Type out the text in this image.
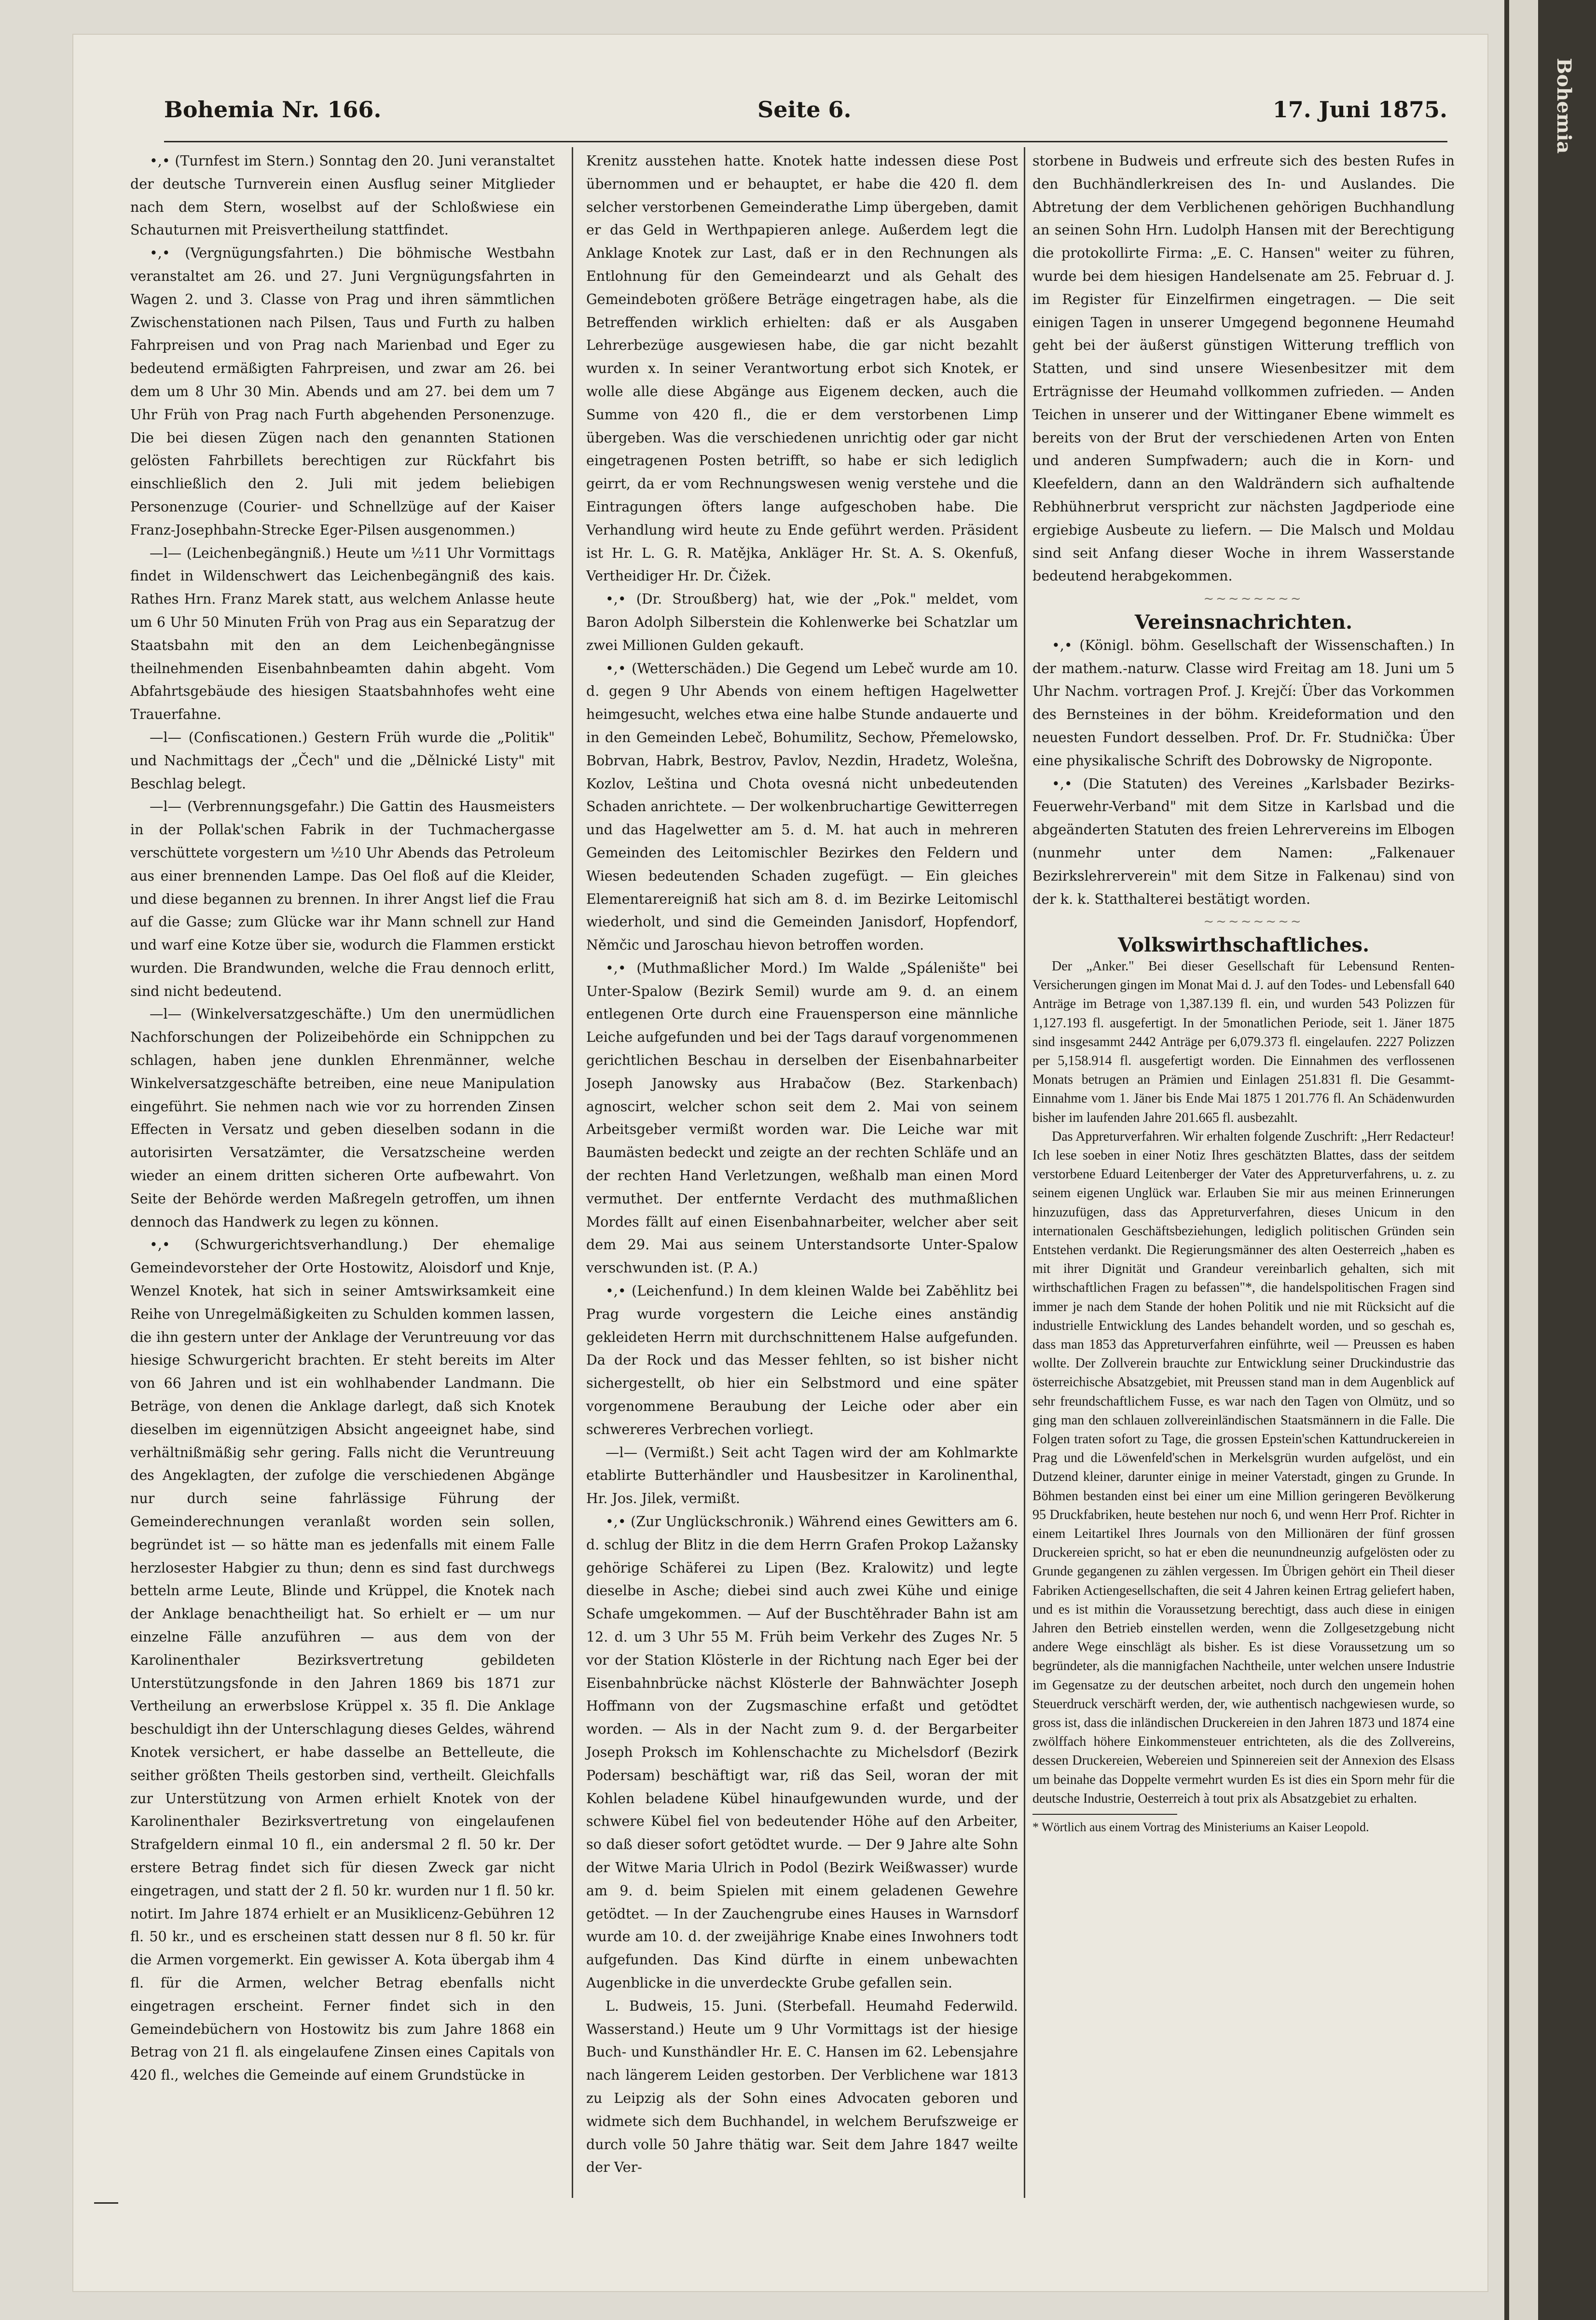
Bohemia
Bohemia Nr. 166.	Seite 6.	17. Juni 1875.

•,• (Turnfest im Stern.) Sonntag den 20. Juni veranstaltet der deutsche Turnverein einen Ausflug seiner Mitglieder nach dem Stern, woselbst auf der Schloßwiese ein Schauturnen mit Preisvertheilung stattfindet.

•,• (Vergnügungsfahrten.) Die böhmische Westbahn veranstaltet am 26. und 27. Juni Vergnügungsfahrten in Wagen 2. und 3. Classe von Prag und ihren sämmtlichen Zwischenstationen nach Pilsen, Taus und Furth zu halben Fahrpreisen und von Prag nach Marienbad und Eger zu bedeutend ermäßigten Fahrpreisen, und zwar am 26. bei dem um 8 Uhr 30 Min. Abends und am 27. bei dem um 7 Uhr Früh von Prag nach Furth abgehenden Personenzuge. Die bei diesen Zügen nach den genannten Stationen gelösten Fahrbillets berechtigen zur Rückfahrt bis einschließlich den 2. Juli mit jedem beliebigen Personenzuge (Courier- und Schnellzüge auf der Kaiser Franz-Josephbahn-Strecke Eger-Pilsen ausgenommen.)

—l— (Leichenbegängniß.) Heute um ½11 Uhr Vormittags findet in Wildenschwert das Leichenbegängniß des kais. Rathes Hrn. Franz Marek statt, aus welchem Anlasse heute um 6 Uhr 50 Minuten Früh von Prag aus ein Separatzug der Staatsbahn mit den an dem Leichenbegängnisse theilnehmenden Eisenbahnbeamten dahin abgeht. Vom Abfahrtsgebäude des hiesigen Staatsbahnhofes weht eine Trauerfahne.

—l— (Confiscationen.) Gestern Früh wurde die „Politik" und Nachmittags der „Čech" und die „Dělnické Listy" mit Beschlag belegt.

—l— (Verbrennungsgefahr.) Die Gattin des Hausmeisters in der Pollak'schen Fabrik in der Tuchmachergasse verschüttete vorgestern um ½10 Uhr Abends das Petroleum aus einer brennenden Lampe. Das Oel floß auf die Kleider, und diese begannen zu brennen. In ihrer Angst lief die Frau auf die Gasse; zum Glücke war ihr Mann schnell zur Hand und warf eine Kotze über sie, wodurch die Flammen erstickt wurden. Die Brandwunden, welche die Frau dennoch erlitt, sind nicht bedeutend.

—l— (Winkelversatzgeschäfte.) Um den unermüdlichen Nachforschungen der Polizeibehörde ein Schnippchen zu schlagen, haben jene dunklen Ehrenmänner, welche Winkelversatzgeschäfte betreiben, eine neue Manipulation eingeführt. Sie nehmen nach wie vor zu horrenden Zinsen Effecten in Versatz und geben dieselben sodann in die autorisirten Versatzämter, die Versatzscheine werden wieder an einem dritten sicheren Orte aufbewahrt. Von Seite der Behörde werden Maßregeln getroffen, um ihnen dennoch das Handwerk zu legen zu können.

•,• (Schwurgerichtsverhandlung.) Der ehemalige Gemeindevorsteher der Orte Hostowitz, Aloisdorf und Knje, Wenzel Knotek, hat sich in seiner Amtswirksamkeit eine Reihe von Unregelmäßigkeiten zu Schulden kommen lassen, die ihn gestern unter der Anklage der Veruntreuung vor das hiesige Schwurgericht brachten. Er steht bereits im Alter von 66 Jahren und ist ein wohlhabender Landmann. Die Beträge, von denen die Anklage darlegt, daß sich Knotek dieselben im eigennützigen Absicht angeeignet habe, sind verhältnißmäßig sehr gering. Falls nicht die Veruntreuung des Angeklagten, der zufolge die verschiedenen Abgänge nur durch seine fahrlässige Führung der Gemeinderechnungen veranlaßt worden sein sollen, begründet ist — so hätte man es jedenfalls mit einem Falle herzlosester Habgier zu thun; denn es sind fast durchwegs betteln arme Leute, Blinde und Krüppel, die Knotek nach der Anklage benachtheiligt hat. So erhielt er — um nur einzelne Fälle anzuführen — aus dem von der Karolinenthaler Bezirksvertretung gebildeten Unterstützungsfonde in den Jahren 1869 bis 1871 zur Vertheilung an erwerbslose Krüppel x. 35 fl. Die Anklage beschuldigt ihn der Unterschlagung dieses Geldes, während Knotek versichert, er habe dasselbe an Bettelleute, die seither größten Theils gestorben sind, vertheilt. Gleichfalls zur Unterstützung von Armen erhielt Knotek von der Karolinenthaler Bezirksvertretung von eingelaufenen Strafgeldern einmal 10 fl., ein andersmal 2 fl. 50 kr. Der erstere Betrag findet sich für diesen Zweck gar nicht eingetragen, und statt der 2 fl. 50 kr. wurden nur 1 fl. 50 kr. notirt. Im Jahre 1874 erhielt er an Musiklicenz-Gebühren 12 fl. 50 kr., und es erscheinen statt dessen nur 8 fl. 50 kr. für die Armen vorgemerkt. Ein gewisser A. Kota übergab ihm 4 fl. für die Armen, welcher Betrag ebenfalls nicht eingetragen erscheint. Ferner findet sich in den Gemeindebüchern von Hostowitz bis zum Jahre 1868 ein Betrag von 21 fl. als eingelaufene Zinsen eines Capitals von 420 fl., welches die Gemeinde auf einem Grundstücke in

Krenitz ausstehen hatte. Knotek hatte indessen diese Post übernommen und er behauptet, er habe die 420 fl. dem selcher verstorbenen Gemeinderathe Limp übergeben, damit er das Geld in Werthpapieren anlege. Außerdem legt die Anklage Knotek zur Last, daß er in den Rechnungen als Entlohnung für den Gemeindearzt und als Gehalt des Gemeindeboten größere Beträge eingetragen habe, als die Betreffenden wirklich erhielten: daß er als Ausgaben Lehrerbezüge ausgewiesen habe, die gar nicht bezahlt wurden x. In seiner Verantwortung erbot sich Knotek, er wolle alle diese Abgänge aus Eigenem decken, auch die Summe von 420 fl., die er dem verstorbenen Limp übergeben. Was die verschiedenen unrichtig oder gar nicht eingetragenen Posten betrifft, so habe er sich lediglich geirrt, da er vom Rechnungswesen wenig verstehe und die Eintragungen öfters lange aufgeschoben habe. Die Verhandlung wird heute zu Ende geführt werden. Präsident ist Hr. L. G. R. Matějka, Ankläger Hr. St. A. S. Okenfuß, Vertheidiger Hr. Dr. Čižek.

•,• (Dr. Stroußberg) hat, wie der „Pok." meldet, vom Baron Adolph Silberstein die Kohlenwerke bei Schatzlar um zwei Millionen Gulden gekauft.

•,• (Wetterschäden.) Die Gegend um Lebeč wurde am 10. d. gegen 9 Uhr Abends von einem heftigen Hagelwetter heimgesucht, welches etwa eine halbe Stunde andauerte und in den Gemeinden Lebeč, Bohumilitz, Sechow, Přemelowsko, Bobrvan, Habrk, Bestrov, Pavlov, Nezdin, Hradetz, Wolešna, Kozlov, Leština und Chota ovesná nicht unbedeutenden Schaden anrichtete. — Der wolkenbruchartige Gewitterregen und das Hagelwetter am 5. d. M. hat auch in mehreren Gemeinden des Leitomischler Bezirkes den Feldern und Wiesen bedeutenden Schaden zugefügt. — Ein gleiches Elementarereigniß hat sich am 8. d. im Bezirke Leitomischl wiederholt, und sind die Gemeinden Janisdorf, Hopfendorf, Němčic und Jaroschau hievon betroffen worden.

•,• (Muthmaßlicher Mord.) Im Walde „Spálenište" bei Unter-Spalow (Bezirk Semil) wurde am 9. d. an einem entlegenen Orte durch eine Frauensperson eine männliche Leiche aufgefunden und bei der Tags darauf vorgenommenen gerichtlichen Beschau in derselben der Eisenbahnarbeiter Joseph Janowsky aus Hrabačow (Bez. Starkenbach) agnoscirt, welcher schon seit dem 2. Mai von seinem Arbeitsgeber vermißt worden war. Die Leiche war mit Baumästen bedeckt und zeigte an der rechten Schläfe und an der rechten Hand Verletzungen, weßhalb man einen Mord vermuthet. Der entfernte Verdacht des muthmaßlichen Mordes fällt auf einen Eisenbahnarbeiter, welcher aber seit dem 29. Mai aus seinem Unterstandsorte Unter-Spalow verschwunden ist. (P. A.)

•,• (Leichenfund.) In dem kleinen Walde bei Zabĕhlitz bei Prag wurde vorgestern die Leiche eines anständig gekleideten Herrn mit durchschnittenem Halse aufgefunden. Da der Rock und das Messer fehlten, so ist bisher nicht sichergestellt, ob hier ein Selbstmord und eine später vorgenommene Beraubung der Leiche oder aber ein schwereres Verbrechen vorliegt.

—l— (Vermißt.) Seit acht Tagen wird der am Kohlmarkte etablirte Butterhändler und Hausbesitzer in Karolinenthal, Hr. Jos. Jilek, vermißt.

•,• (Zur Unglückschronik.) Während eines Gewitters am 6. d. schlug der Blitz in die dem Herrn Grafen Prokop Lažansky gehörige Schäferei zu Lipen (Bez. Kralowitz) und legte dieselbe in Asche; diebei sind auch zwei Kühe und einige Schafe umgekommen. — Auf der Buschtěhrader Bahn ist am 12. d. um 3 Uhr 55 M. Früh beim Verkehr des Zuges Nr. 5 vor der Station Klösterle in der Richtung nach Eger bei der Eisenbahnbrücke nächst Klösterle der Bahnwächter Joseph Hoffmann von der Zugsmaschine erfaßt und getödtet worden. — Als in der Nacht zum 9. d. der Bergarbeiter Joseph Proksch im Kohlenschachte zu Michelsdorf (Bezirk Podersam) beschäftigt war, riß das Seil, woran der mit Kohlen beladene Kübel hinaufgewunden wurde, und der schwere Kübel fiel von bedeutender Höhe auf den Arbeiter, so daß dieser sofort getödtet wurde. — Der 9 Jahre alte Sohn der Witwe Maria Ulrich in Podol (Bezirk Weißwasser) wurde am 9. d. beim Spielen mit einem geladenen Gewehre getödtet. — In der Zauchengrube eines Hauses in Warnsdorf wurde am 10. d. der zweijährige Knabe eines Inwohners todt aufgefunden. Das Kind dürfte in einem unbewachten Augenblicke in die unverdeckte Grube gefallen sein.

L. Budweis, 15. Juni. (Sterbefall. Heumahd Federwild. Wasserstand.) Heute um 9 Uhr Vormittags ist der hiesige Buch- und Kunsthändler Hr. E. C. Hansen im 62. Lebensjahre nach längerem Leiden gestorben. Der Verblichene war 1813 zu Leipzig als der Sohn eines Advocaten geboren und widmete sich dem Buchhandel, in welchem Berufszweige er durch volle 50 Jahre thätig war. Seit dem Jahre 1847 weilte der Ver-

storbene in Budweis und erfreute sich des besten Rufes in den Buchhändlerkreisen des In- und Auslandes. Die Abtretung der dem Verblichenen gehörigen Buchhandlung an seinen Sohn Hrn. Ludolph Hansen mit der Berechtigung die protokollirte Firma: „E. C. Hansen" weiter zu führen, wurde bei dem hiesigen Handelsenate am 25. Februar d. J. im Register für Einzelfirmen eingetragen. — Die seit einigen Tagen in unserer Umgegend begonnene Heumahd geht bei der äußerst günstigen Witterung trefflich von Statten, und sind unsere Wiesenbesitzer mit dem Erträgnisse der Heumahd vollkommen zufrieden. — Anden Teichen in unserer und der Wittinganer Ebene wimmelt es bereits von der Brut der verschiedenen Arten von Enten und anderen Sumpfwadern; auch die in Korn- und Kleefeldern, dann an den Waldrändern sich aufhaltende Rebhühnerbrut verspricht zur nächsten Jagdperiode eine ergiebige Ausbeute zu liefern. — Die Malsch und Moldau sind seit Anfang dieser Woche in ihrem Wasserstande bedeutend herabgekommen.

~~~~~~~~

Vereinsnachrichten.

•,• (Königl. böhm. Gesellschaft der Wissenschaften.) In der mathem.-naturw. Classe wird Freitag am 18. Juni um 5 Uhr Nachm. vortragen Prof. J. Krejčí: Über das Vorkommen des Bernsteines in der böhm. Kreideformation und den neuesten Fundort desselben. Prof. Dr. Fr. Studnička: Über eine physikalische Schrift des Dobrowsky de Nigroponte.

•,• (Die Statuten) des Vereines „Karlsbader Bezirks-Feuerwehr-Verband" mit dem Sitze in Karlsbad und die abgeänderten Statuten des freien Lehrervereins im Elbogen (nunmehr unter dem Namen: „Falkenauer Bezirkslehrerverein" mit dem Sitze in Falkenau) sind von der k. k. Statthalterei bestätigt worden.

~~~~~~~~

Volkswirthschaftliches.

Der „Anker." Bei dieser Gesellschaft für Lebensund Renten-Versicherungen gingen im Monat Mai d. J. auf den Todes- und Lebensfall 640 Anträge im Betrage von 1,387.139 fl. ein, und wurden 543 Polizzen für 1,127.193 fl. ausgefertigt. In der 5monatlichen Periode, seit 1. Jäner 1875 sind insgesammt 2442 Anträge per 6,079.373 fl. eingelaufen. 2227 Polizzen per 5,158.914 fl. ausgefertigt worden. Die Einnahmen des verflossenen Monats betrugen an Prämien und Einlagen 251.831 fl. Die Gesammt-Einnahme vom 1. Jäner bis Ende Mai 1875 1 201.776 fl. An Schädenwurden bisher im laufenden Jahre 201.665 fl. ausbezahlt.

Das Appreturverfahren. Wir erhalten folgende Zuschrift: „Herr Redacteur! Ich lese soeben in einer Notiz Ihres geschätzten Blattes, dass der seitdem verstorbene Eduard Leitenberger der Vater des Appreturverfahrens, u. z. zu seinem eigenen Unglück war. Erlauben Sie mir aus meinen Erinnerungen hinzuzufügen, dass das Appreturverfahren, dieses Unicum in den internationalen Geschäftsbeziehungen, lediglich politischen Gründen sein Entstehen verdankt. Die Regierungsmänner des alten Oesterreich „haben es mit ihrer Dignität und Grandeur vereinbarlich gehalten, sich mit wirthschaftlichen Fragen zu befassen"*, die handelspolitischen Fragen sind immer je nach dem Stande der hohen Politik und nie mit Rücksicht auf die industrielle Entwicklung des Landes behandelt worden, und so geschah es, dass man 1853 das Appreturverfahren einführte, weil — Preussen es haben wollte. Der Zollverein brauchte zur Entwicklung seiner Druckindustrie das österreichische Absatzgebiet, mit Preussen stand man in dem Augenblick auf sehr freundschaftlichem Fusse, es war nach den Tagen von Olmütz, und so ging man den schlauen zollvereinländischen Staatsmännern in die Falle. Die Folgen traten sofort zu Tage, die grossen Epstein'schen Kattundruckereien in Prag und die Löwenfeld'schen in Merkelsgrün wurden aufgelöst, und ein Dutzend kleiner, darunter einige in meiner Vaterstadt, gingen zu Grunde. In Böhmen bestanden einst bei einer um eine Million geringeren Bevölkerung 95 Druckfabriken, heute bestehen nur noch 6, und wenn Herr Prof. Richter in einem Leitartikel Ihres Journals von den Millionären der fünf grossen Druckereien spricht, so hat er eben die neunundneunzig aufgelösten oder zu Grunde gegangenen zu zählen vergessen. Im Übrigen gehört ein Theil dieser Fabriken Actiengesellschaften, die seit 4 Jahren keinen Ertrag geliefert haben, und es ist mithin die Voraussetzung berechtigt, dass auch diese in einigen Jahren den Betrieb einstellen werden, wenn die Zollgesetzgebung nicht andere Wege einschlägt als bisher. Es ist diese Voraussetzung um so begründeter, als die mannigfachen Nachtheile, unter welchen unsere Industrie im Gegensatze zu der deutschen arbeitet, noch durch den ungemein hohen Steuerdruck verschärft werden, der, wie authentisch nachgewiesen wurde, so gross ist, dass die inländischen Druckereien in den Jahren 1873 und 1874 eine zwölffach höhere Einkommensteuer entrichteten, als die des Zollvereins, dessen Druckereien, Webereien und Spinnereien seit der Annexion des Elsass um beinahe das Doppelte vermehrt wurden Es ist dies ein Sporn mehr für die deutsche Industrie, Oesterreich à tout prix als Absatzgebiet zu erhalten.

* Wörtlich aus einem Vortrag des Ministeriums an Kaiser Leopold.
